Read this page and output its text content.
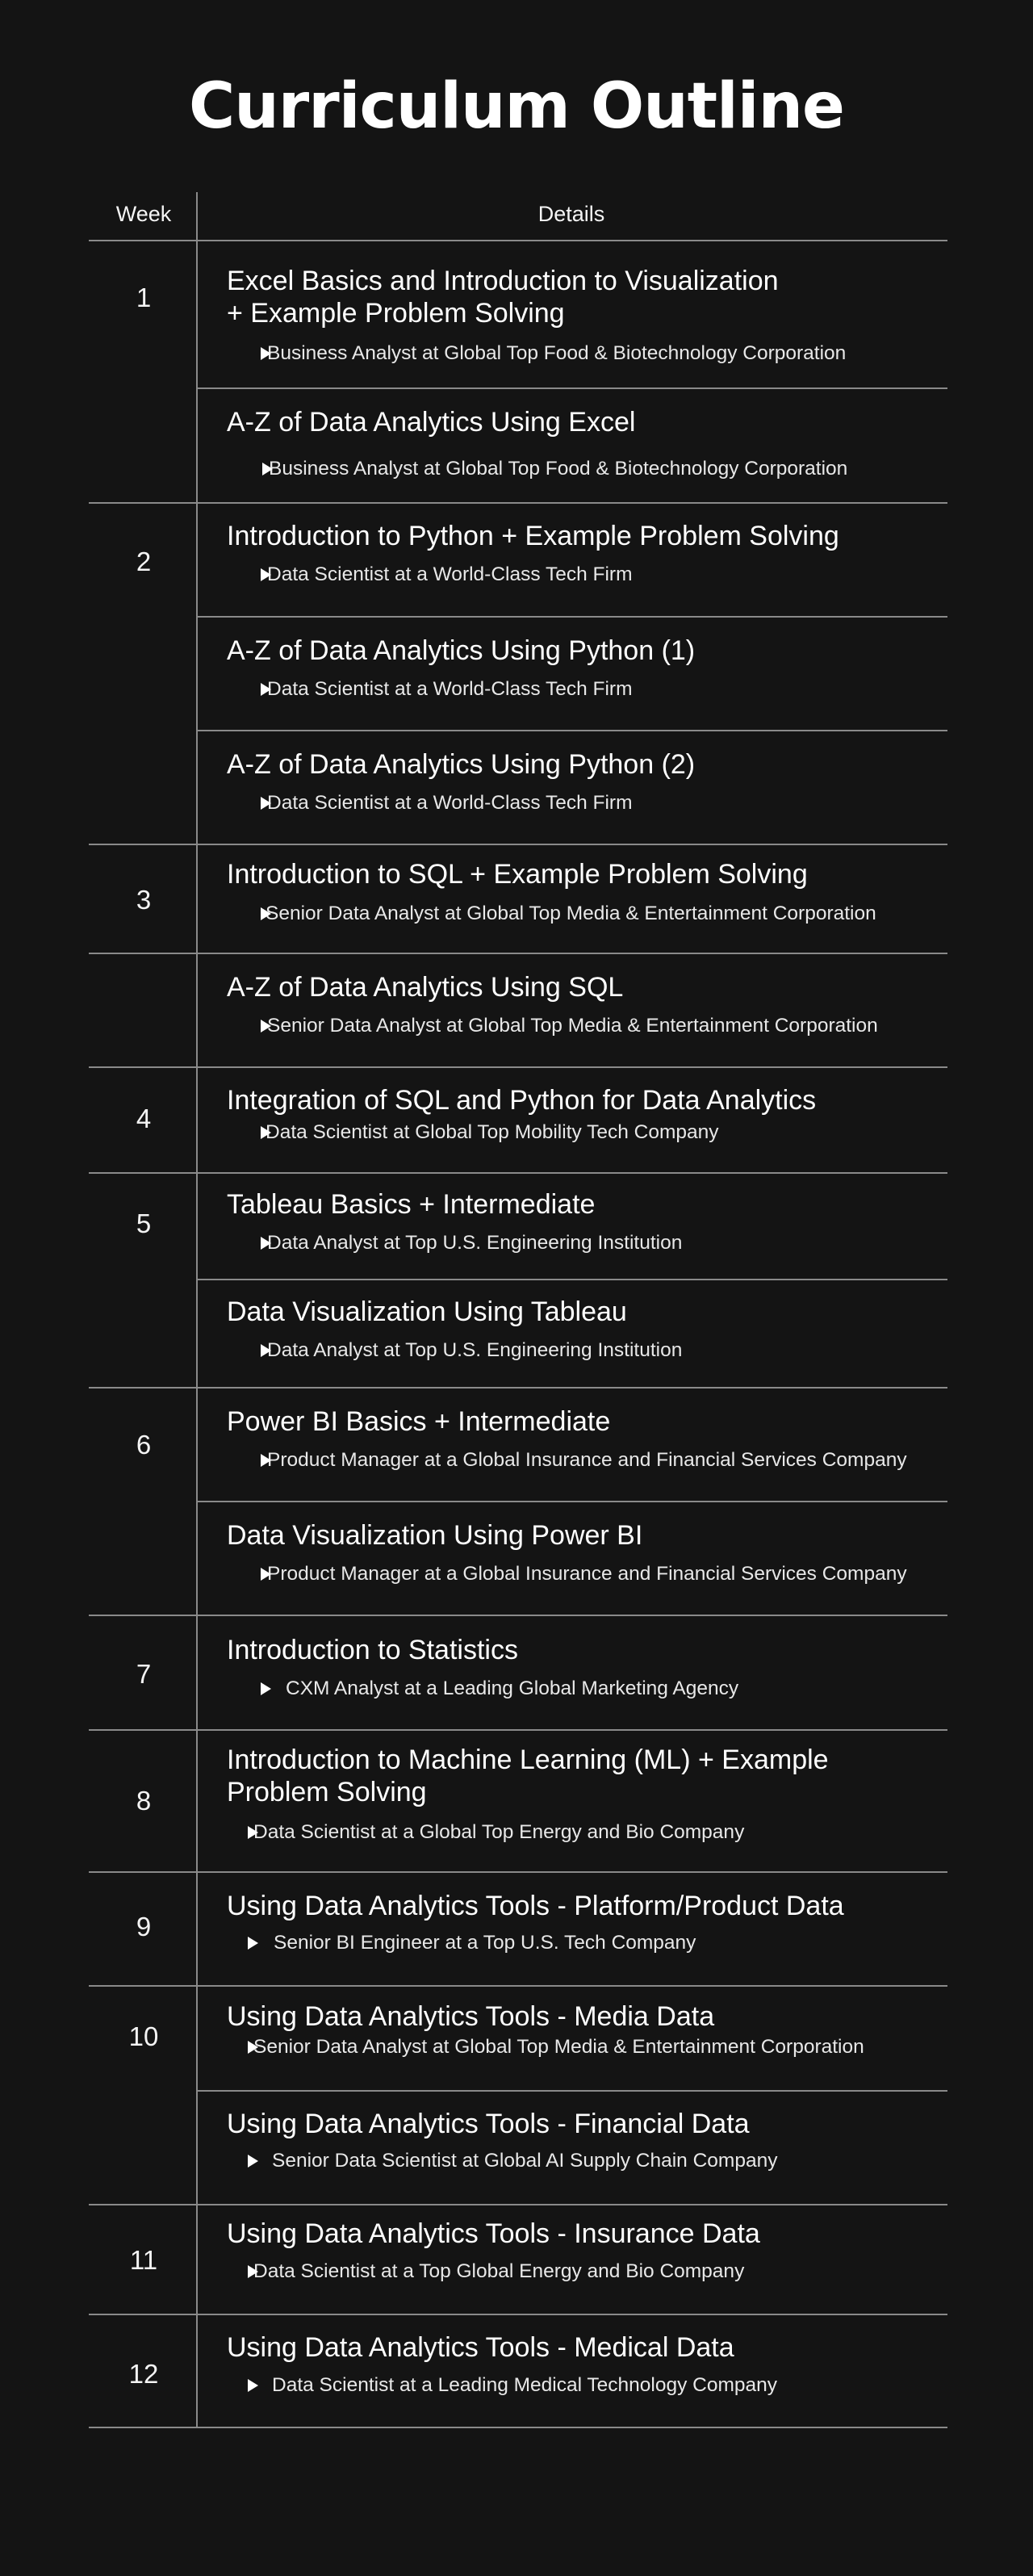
Curriculum Outline
Week	Details
1
2
3
4
5
6
7
8
9
10
11
12
Excel Basics and Introduction to Visualization
+ Example Problem Solving
Business Analyst at Global Top Food & Biotechnology Corporation
A-Z of Data Analytics Using Excel
Business Analyst at Global Top Food & Biotechnology Corporation
Introduction to Python + Example Problem Solving
Data Scientist at a World-Class Tech Firm
A-Z of Data Analytics Using Python (1)
Data Scientist at a World-Class Tech Firm
A-Z of Data Analytics Using Python (2)
Data Scientist at a World-Class Tech Firm
Introduction to SQL + Example Problem Solving
Senior Data Analyst at Global Top Media & Entertainment Corporation
A-Z of Data Analytics Using SQL
Senior Data Analyst at Global Top Media & Entertainment Corporation
Integration of SQL and Python for Data Analytics
Data Scientist at Global Top Mobility Tech Company
Tableau Basics + Intermediate
Data Analyst at Top U.S. Engineering Institution
Data Visualization Using Tableau
Data Analyst at Top U.S. Engineering Institution
Power BI Basics + Intermediate
Product Manager at a Global Insurance and Financial Services Company
Data Visualization Using Power BI
Product Manager at a Global Insurance and Financial Services Company
Introduction to Statistics
CXM Analyst at a Leading Global Marketing Agency
Introduction to Machine Learning (ML) + Example
Problem Solving
Data Scientist at a Global Top Energy and Bio Company
Using Data Analytics Tools - Platform/Product Data
Senior BI Engineer at a Top U.S. Tech Company
Using Data Analytics Tools - Media Data
Senior Data Analyst at Global Top Media & Entertainment Corporation
Using Data Analytics Tools - Financial Data
Senior Data Scientist at Global AI Supply Chain Company
Using Data Analytics Tools - Insurance Data
Data Scientist at a Top Global Energy and Bio Company
Using Data Analytics Tools - Medical Data
Data Scientist at a Leading Medical Technology Company
